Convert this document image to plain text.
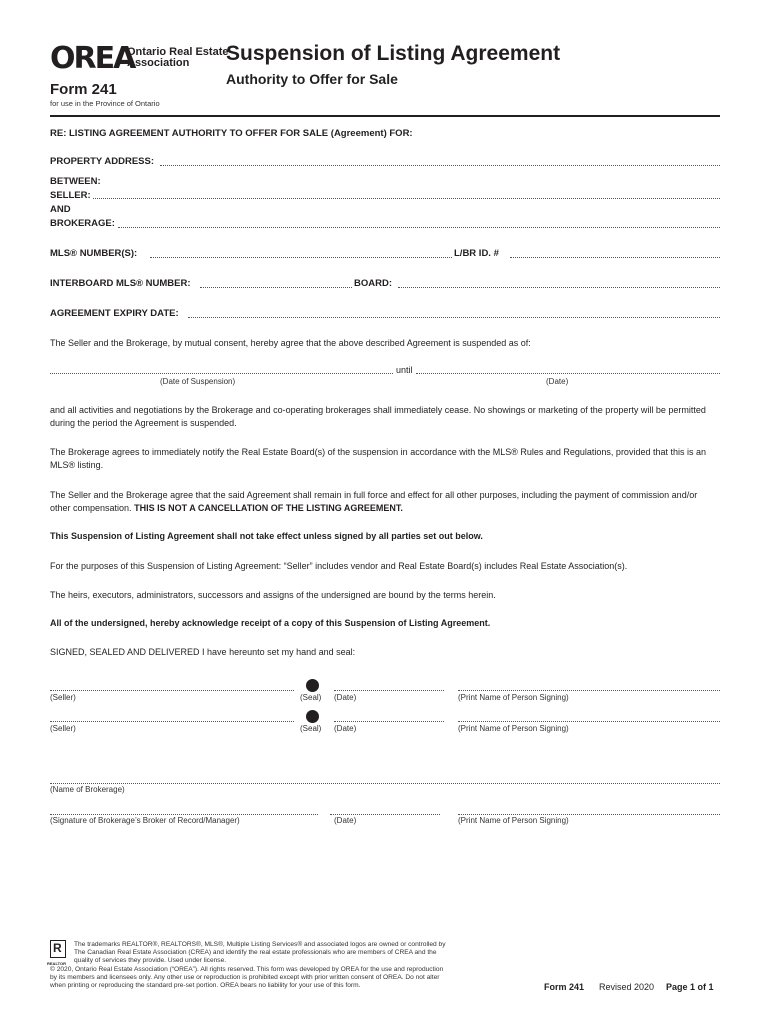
OREA
Ontario Real Estate
Association
Form 241
for use in the Province of Ontario
Suspension of Listing Agreement
Authority to Offer for Sale
RE: LISTING AGREEMENT AUTHORITY TO OFFER FOR SALE (Agreement) FOR:
PROPERTY ADDRESS:
BETWEEN:
SELLER:
AND
BROKERAGE:
MLS® NUMBER(S):	L/BR ID. #
INTERBOARD MLS® NUMBER:	BOARD:
AGREEMENT EXPIRY DATE:
The Seller and the Brokerage, by mutual consent, hereby agree that the above described Agreement is suspended as of:
until
(Date of Suspension)	(Date)
and all activities and negotiations by the Brokerage and co-operating brokerages shall immediately cease. No showings or marketing of the property will be permitted during the period the Agreement is suspended.
The Brokerage agrees to immediately notify the Real Estate Board(s) of the suspension in accordance with the MLS® Rules and Regulations, provided that this is an MLS® listing.
The Seller and the Brokerage agree that the said Agreement shall remain in full force and effect for all other purposes, including the payment of commission and/or other compensation. THIS IS NOT A CANCELLATION OF THE LISTING AGREEMENT.
This Suspension of Listing Agreement shall not take effect unless signed by all parties set out below.
For the purposes of this Suspension of Listing Agreement: “Seller” includes vendor and Real Estate Board(s) includes Real Estate Association(s).
The heirs, executors, administrators, successors and assigns of the undersigned are bound by the terms herein.
All of the undersigned, hereby acknowledge receipt of a copy of this Suspension of Listing Agreement.
SIGNED, SEALED AND DELIVERED I have hereunto set my hand and seal:
(Seller)	(Seal) (Date)	(Print Name of Person Signing)
(Seller)	(Seal) (Date)	(Print Name of Person Signing)
(Name of Brokerage)
(Signature of Brokerage’s Broker of Record/Manager)	(Date)	(Print Name of Person Signing)
R
REALTOR
The trademarks REALTOR®, REALTORS®, MLS®, Multiple Listing Services® and associated logos are owned or controlled by
The Canadian Real Estate Association (CREA) and identify the real estate professionals who are members of CREA and the
quality of services they provide. Used under license.
© 2020, Ontario Real Estate Association (“OREA”). All rights reserved. This form was developed by OREA for the use and reproduction
by its members and licensees only. Any other use or reproduction is prohibited except with prior written consent of OREA. Do not alter
when printing or reproducing the standard pre-set portion. OREA bears no liability for your use of this form.	Form 241 Revised 2020 Page 1 of 1
